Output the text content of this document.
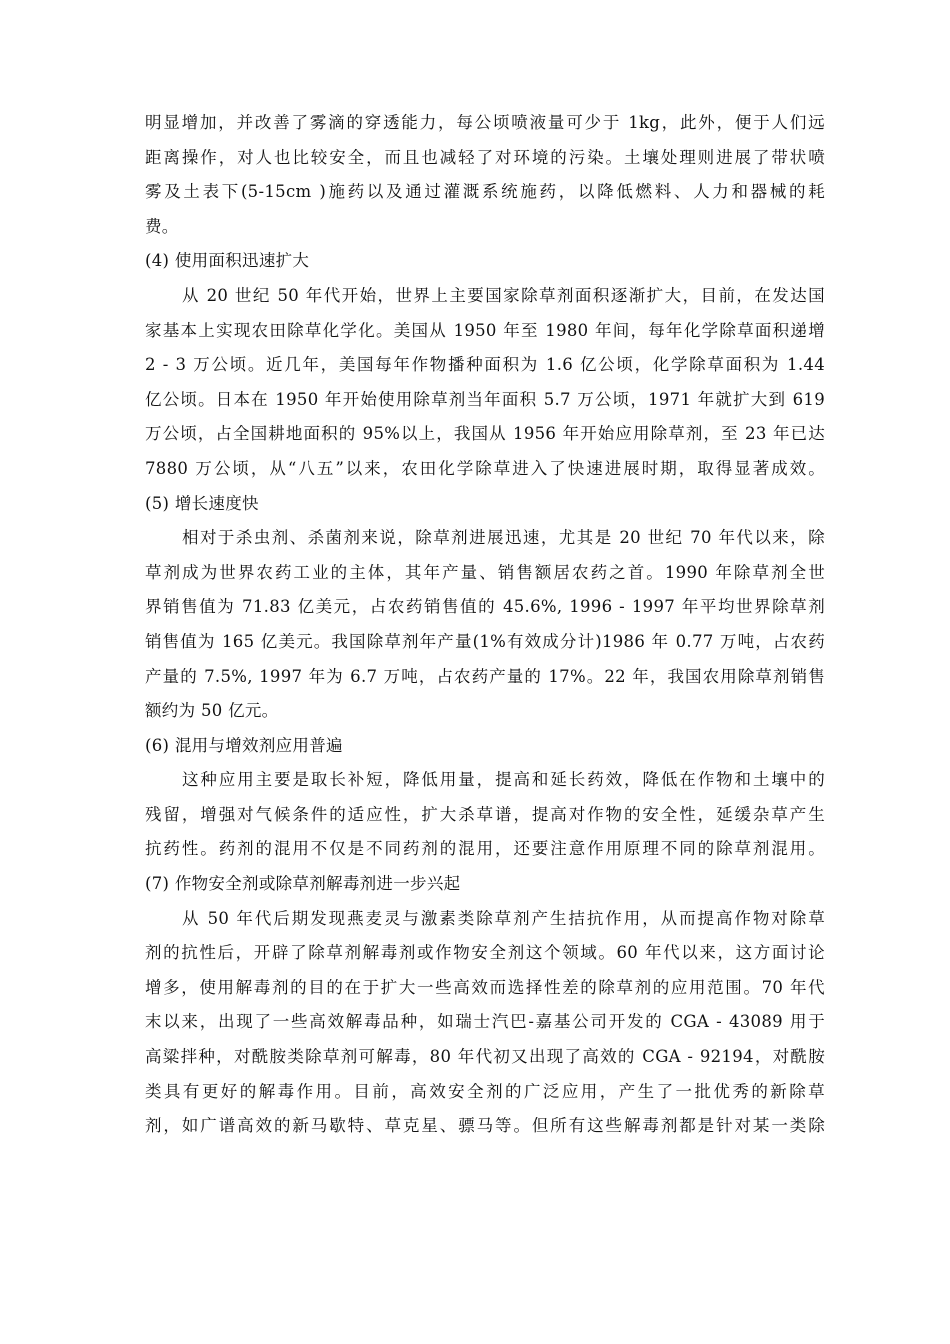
明显增加，并改善了雾滴的穿透能力，每公顷喷液量可少于 1kg，此外，便于人们远
距离操作，对人也比较安全，而且也减轻了对环境的污染。土壤处理则进展了带状喷
雾及土表下(5-15cm )施药以及通过灌溉系统施药，以降低燃料、人力和器械的耗
费。
(4) 使用面积迅速扩大
从 20 世纪 50 年代开始，世界上主要国家除草剂面积逐渐扩大，目前，在发达国
家基本上实现农田除草化学化。美国从 1950 年至 1980 年间，每年化学除草面积递增
2 - 3 万公顷。近几年，美国每年作物播种面积为 1.6 亿公顷，化学除草面积为 1.44
亿公顷。日本在 1950 年开始使用除草剂当年面积 5.7 万公顷，1971 年就扩大到 619
万公顷，占全国耕地面积的 95%以上，我国从 1956 年开始应用除草剂，至 23 年已达
7880 万公顷，从“八五”以来，农田化学除草进入了快速进展时期，取得显著成效。
(5) 增长速度快
相对于杀虫剂、杀菌剂来说，除草剂进展迅速，尤其是 20 世纪 70 年代以来，除
草剂成为世界农药工业的主体，其年产量、销售额居农药之首。1990 年除草剂全世
界销售值为 71.83 亿美元，占农药销售值的 45.6%, 1996 - 1997 年平均世界除草剂
销售值为 165 亿美元。我国除草剂年产量(1%有效成分计)1986 年 0.77 万吨，占农药
产量的 7.5%, 1997 年为 6.7 万吨，占农药产量的 17%。22 年，我国农用除草剂销售
额约为 50 亿元。
(6) 混用与增效剂应用普遍
这种应用主要是取长补短，降低用量，提高和延长药效，降低在作物和土壤中的
残留，增强对气候条件的适应性，扩大杀草谱，提高对作物的安全性，延缓杂草产生
抗药性。药剂的混用不仅是不同药剂的混用，还要注意作用原理不同的除草剂混用。
(7) 作物安全剂或除草剂解毒剂进一步兴起
从 50 年代后期发现燕麦灵与激素类除草剂产生拮抗作用，从而提高作物对除草
剂的抗性后，开辟了除草剂解毒剂或作物安全剂这个领域。60 年代以来，这方面讨论
增多，使用解毒剂的目的在于扩大一些高效而选择性差的除草剂的应用范围。70 年代
末以来，出现了一些高效解毒品种，如瑞士汽巴-嘉基公司开发的 CGA - 43089 用于
高粱拌种，对酰胺类除草剂可解毒，80 年代初又出现了高效的 CGA - 92194，对酰胺
类具有更好的解毒作用。目前，高效安全剂的广泛应用，产生了一批优秀的新除草
剂，如广谱高效的新马歇特、草克星、骠马等。但所有这些解毒剂都是针对某一类除
